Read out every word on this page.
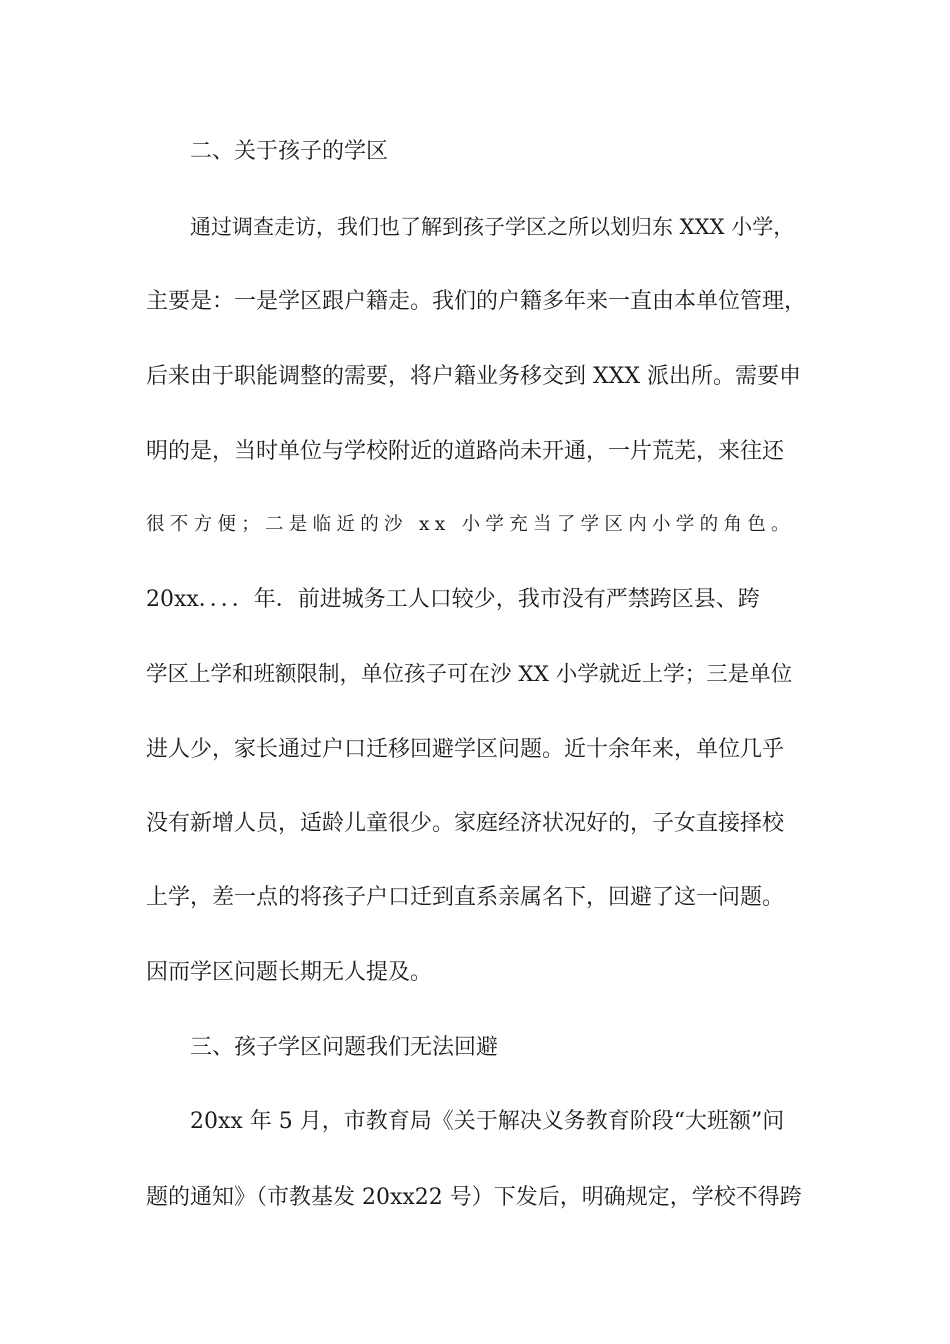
二、关于孩子的学区

通过调查走访，我们也了解到孩子学区之所以划归东 XXX 小学，

主要是：一是学区跟户籍走。我们的户籍多年来一直由本单位管理，

后来由于职能调整的需要，将户籍业务移交到 XXX 派出所。需要申

明的是，当时单位与学校附近的道路尚未开通，一片荒芜，来往还

很不方便；二是临近的沙 xx 小学充当了学区内小学的角色。

20xx．．．．年．前进城务工人口较少，我市没有严禁跨区县、跨

学区上学和班额限制，单位孩子可在沙 XX 小学就近上学；三是单位

进人少，家长通过户口迁移回避学区问题。近十余年来，单位几乎

没有新增人员，适龄儿童很少。家庭经济状况好的，子女直接择校

上学，差一点的将孩子户口迁到直系亲属名下，回避了这一问题。

因而学区问题长期无人提及。

三、孩子学区问题我们无法回避

20xx 年 5 月，市教育局《关于解决义务教育阶段“大班额”问

题的通知》（市教基发 20xx22 号）下发后，明确规定，学校不得跨
